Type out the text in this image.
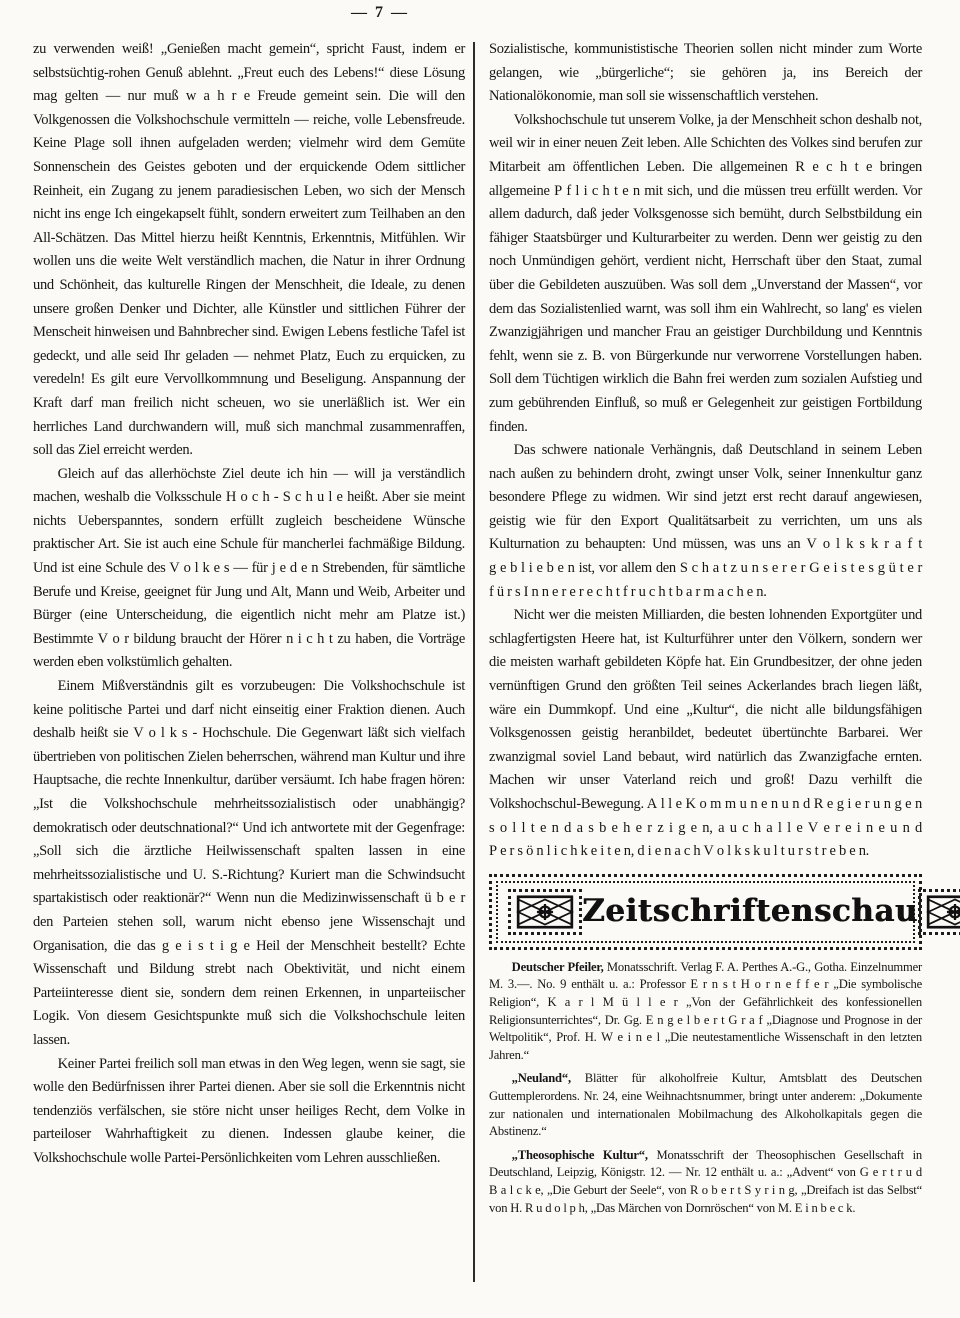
— 7 —

zu verwenden weiß! „Genießen macht gemein“, spricht Faust, indem er selbstsüchtig-rohen Genuß ablehnt. „Freut euch des Lebens!“ diese Lösung mag gelten — nur muß w a h r e Freude gemeint sein. Die will den Volkgenossen die Volkshochschule vermitteln — reiche, volle Lebensfreude. Keine Plage soll ihnen aufgeladen werden; vielmehr wird dem Gemüte Sonnenschein des Geistes geboten und der erquickende Odem sittlicher Reinheit, ein Zugang zu jenem paradiesischen Leben, wo sich der Mensch nicht ins enge Ich eingekapselt fühlt, sondern erweitert zum Teilhaben an den All-Schätzen. Das Mittel hierzu heißt Kenntnis, Erkenntnis, Mitfühlen. Wir wollen uns die weite Welt verständlich machen, die Natur in ihrer Ordnung und Schönheit, das kulturelle Ringen der Menschheit, die Ideale, zu denen unsere großen Denker und Dichter, alle Künstler und sittlichen Führer der Menscheit hinweisen und Bahnbrecher sind. Ewigen Lebens festliche Tafel ist gedeckt, und alle seid Ihr geladen — nehmet Platz, Euch zu erquicken, zu veredeln! Es gilt eure Vervollkommnung und Beseligung. Anspannung der Kraft darf man freilich nicht scheuen, wo sie unerläßlich ist. Wer ein herrliches Land durchwandern will, muß sich manchmal zusammenraffen, soll das Ziel erreicht werden.

Gleich auf das allerhöchste Ziel deute ich hin — will ja verständlich machen, weshalb die Volksschule H o c h - S c h u l e heißt. Aber sie meint nichts Ueberspanntes, sondern erfüllt zugleich bescheidene Wünsche praktischer Art. Sie ist auch eine Schule für mancherlei fachmäßige Bildung. Und ist eine Schule des V o l k e s — für j e d e n Strebenden, für sämtliche Berufe und Kreise, geeignet für Jung und Alt, Mann und Weib, Arbeiter und Bürger (eine Unterscheidung, die eigentlich nicht mehr am Platze ist.) Bestimmte V o r bildung braucht der Hörer n i c h t zu haben, die Vorträge werden eben volkstümlich gehalten.

Einem Mißverständnis gilt es vorzubeugen: Die Volkshochschule ist keine politische Partei und darf nicht einseitig einer Fraktion dienen. Auch deshalb heißt sie V o l k s - Hochschule. Die Gegenwart läßt sich vielfach übertrieben von politischen Zielen beherrschen, während man Kultur und ihre Hauptsache, die rechte Innenkultur, darüber versäumt. Ich habe fragen hören: „Ist die Volkshochschule mehrheitssozialistisch oder unabhängig? demokratisch oder deutschnational?“ Und ich antwortete mit der Gegenfrage: „Soll sich die ärztliche Heilwissenschaft spalten lassen in eine mehrheitssozialistische und U. S.-Richtung? Kuriert man die Schwindsucht spartakistisch oder reaktionär?“ Wenn nun die Medizinwissenschaft ü b e r den Parteien stehen soll, warum nicht ebenso jene Wissenschajt und Organisation, die das g e i s t i g e Heil der Menschheit bestellt? Echte Wissenschaft und Bildung strebt nach Obektivität, und nicht einem Parteiinteresse dient sie, sondern dem reinen Erkennen, in unparteiischer Logik. Von diesem Gesichtspunkte muß sich die Volkshochschule leiten lassen.

Keiner Partei freilich soll man etwas in den Weg legen, wenn sie sagt, sie wolle den Bedürfnissen ihrer Partei dienen. Aber sie soll die Erkenntnis nicht tendenziös verfälschen, sie störe nicht unser heiliges Recht, dem Volke in parteiloser Wahrhaftigkeit zu dienen. Indessen glaube keiner, die Volkshochschule wolle Partei-Persönlichkeiten vom Lehren ausschließen.

Sozialistische, kommunististische Theorien sollen nicht minder zum Worte gelangen, wie „bürgerliche“; sie gehören ja, ins Bereich der Nationalökonomie, man soll sie wissenschaftlich verstehen.

Volkshochschule tut unserem Volke, ja der Menschheit schon deshalb not, weil wir in einer neuen Zeit leben. Alle Schichten des Volkes sind berufen zur Mitarbeit am öffentlichen Leben. Die allgemeinen R e c h t e bringen allgemeine P f l i c h t e n mit sich, und die müssen treu erfüllt werden. Vor allem dadurch, daß jeder Volksgenosse sich bemüht, durch Selbstbildung ein fähiger Staatsbürger und Kulturarbeiter zu werden. Denn wer geistig zu den noch Unmündigen gehört, verdient nicht, Herrschaft über den Staat, zumal über die Gebildeten auszuüben. Was soll dem „Unverstand der Massen“, vor dem das Sozialistenlied warnt, was soll ihm ein Wahlrecht, so lang' es vielen Zwanzigjährigen und mancher Frau an geistiger Durchbildung und Kenntnis fehlt, wenn sie z. B. von Bürgerkunde nur verworrene Vorstellungen haben. Soll dem Tüchtigen wirklich die Bahn frei werden zum sozialen Aufstieg und zum gebührenden Einfluß, so muß er Gelegenheit zur geistigen Fortbildung finden.

Das schwere nationale Verhängnis, daß Deutschland in seinem Leben nach außen zu behindern droht, zwingt unser Volk, seiner Innenkultur ganz besondere Pflege zu widmen. Wir sind jetzt erst recht darauf angewiesen, geistig wie für den Export Qualitätsarbeit zu verrichten, um uns als Kulturnation zu behaupten: Und müssen, was uns an V o l k s k r a f t g e b l i e b e n ist, vor allem den S c h a t z u n s e r e r G e i s t e s g ü t e r f ü r s I n n e r e r e c h t f r u c h t b a r m a c h e n.

Nicht wer die meisten Milliarden, die besten lohnenden Exportgüter und schlagfertigsten Heere hat, ist Kulturführer unter den Völkern, sondern wer die meisten warhaft gebildeten Köpfe hat. Ein Grundbesitzer, der ohne jeden vernünftigen Grund den größten Teil seines Ackerlandes brach liegen läßt, wäre ein Dummkopf. Und eine „Kultur“, die nicht alle bildungsfähigen Volksgenossen geistig heranbildet, bedeutet übertünchte Barbarei. Wer zwanzigmal soviel Land bebaut, wird natürlich das Zwanzigfache ernten. Machen wir unser Vaterland reich und groß! Dazu verhilft die Volkshochschul-Bewegung. A l l e K o m m u n e n u n d R e g i e r u n g e n s o l l t e n d a s b e h e r z i g e n, a u c h a l l e V e r e i n e u n d P e r s ö n l i c h k e i t e n, d i e n a c h V o l k s k u l t u r s t r e b e n.

Zeitschriftenschau

Deutscher Pfeiler, Monatsschrift. Verlag F. A. Perthes A.-G., Gotha. Einzelnummer M. 3.—. No. 9 enthält u. a.: Professor E r n s t H o r n e f f e r „Die symbolische Religion“, K a r l M ü l l e r „Von der Gefährlichkeit des konfessionellen Religionsunterrichtes“, Dr. Gg. E n g e l b e r t G r a f „Diagnose und Prognose in der Weltpolitik“, Prof. H. W e i n e l „Die neutestamentliche Wissenschaft in den letzten Jahren.“

„Neuland“, Blätter für alkoholfreie Kultur, Amtsblatt des Deutschen Guttemplerordens. Nr. 24, eine Weihnachtsnummer, bringt unter anderem: „Dokumente zur nationalen und internationalen Mobilmachung des Alkoholkapitals gegen die Abstinenz.“

„Theosophische Kultur“, Monatsschrift der Theosophischen Gesellschaft in Deutschland, Leipzig, Königstr. 12. — Nr. 12 enthält u. a.: „Advent“ von G e r t r u d B a l c k e, „Die Geburt der Seele“, von R o b e r t S y r i n g, „Dreifach ist das Selbst“ von H. R u d o l p h, „Das Märchen von Dornröschen“ von M. E i n b e c k.
